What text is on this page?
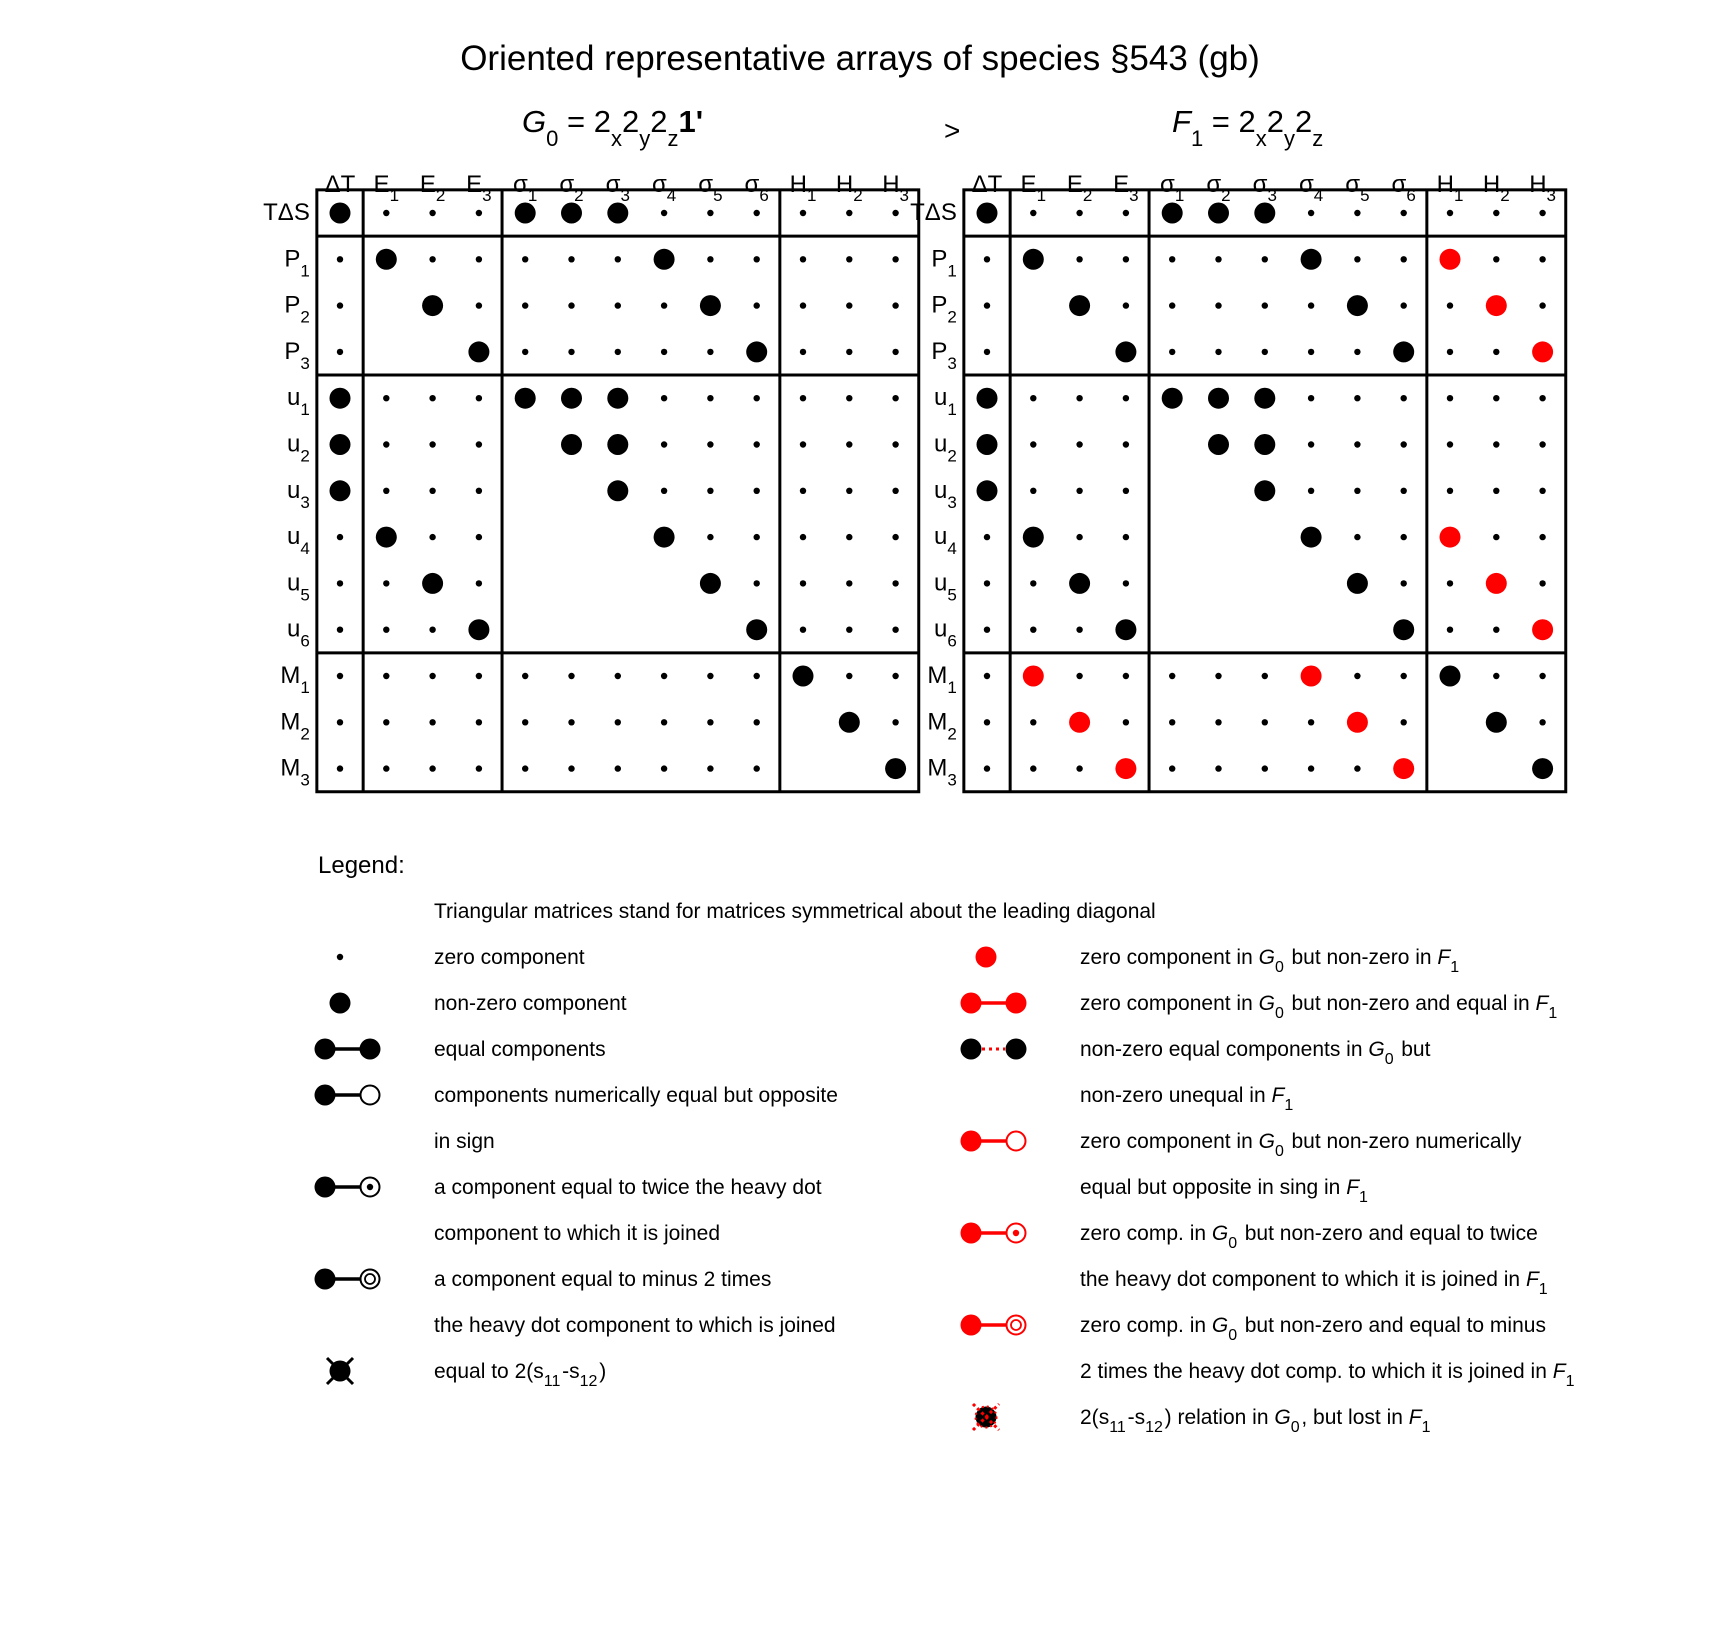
Oriented representative arrays of species §543 (gb)
$G_0 = 2_x2_y2_z1'$	>	$F_1 = 2_x2_y2_z$
ΔT $E_1$ $E_2$ $E_3$ $\sigma_1$ $\sigma_2$ $\sigma_3$ $\sigma_4$ $\sigma_5$ $\sigma_6$ $H_1$ $H_2$ $H_3$
TΔS
$P_1$
$P_2$
$P_3$
$u_1$
$u_2$
$u_3$
$u_4$
$u_5$
$u_6$
$M_1$
$M_2$
$M_3$
ΔT $E_1$ $E_2$ $E_3$ $\sigma_1$ $\sigma_2$ $\sigma_3$ $\sigma_4$ $\sigma_5$ $\sigma_6$ $H_1$ $H_2$ $H_3$
TΔS
$P_1$
$P_2$
$P_3$
$u_1$
$u_2$
$u_3$
$u_4$
$u_5$
$u_6$
$M_1$
$M_2$
$M_3$
Legend:
Triangular matrices stand for matrices symmetrical about the leading diagonal
zero component
non-zero component
equal components
components numerically equal but opposite
in sign
a component equal to twice the heavy dot
component to which it is joined
a component equal to minus 2 times
the heavy dot component to which is joined
equal to $2(s_{11}$ $-s_{12}$ )
zero component in $G_0$  but non-zero in $F_1$ 
zero component in $G_0$  but non-zero and equal in $F_1$ 
non-zero equal components in $G_0$  but
non-zero unequal in $F_1$ 
zero component in $G_0$  but non-zero numerically
equal but opposite in sing in $F_1$ 
zero comp. in $G_0$  but non-zero and equal to twice
the heavy dot component to which it is joined in $F_1$ 
zero comp. in $G_0$  but non-zero and equal to minus
2 times the heavy dot comp. to which it is joined in $F_1$ 
$2(s_{11}$ $-s_{12}$ ) relation in $G_0$ , but lost in $F_1$ 
